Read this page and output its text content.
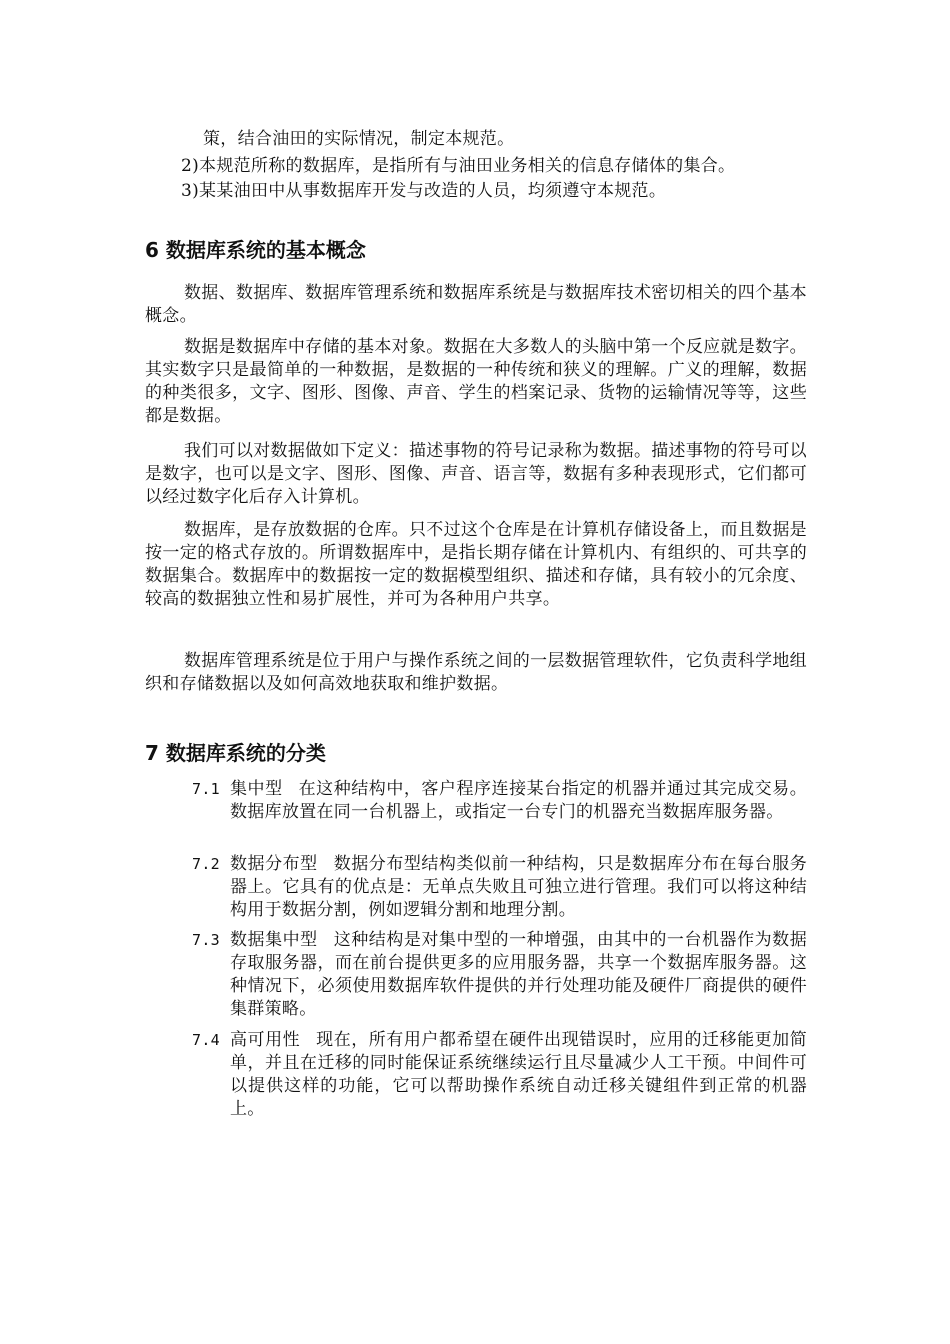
策，结合油田的实际情况，制定本规范。

2)本规范所称的数据库，是指所有与油田业务相关的信息存储体的集合。

3)某某油田中从事数据库开发与改造的人员，均须遵守本规范。

6 数据库系统的基本概念

数据、数据库、数据库管理系统和数据库系统是与数据库技术密切相关的四个基本概念。

数据是数据库中存储的基本对象。数据在大多数人的头脑中第一个反应就是数字。其实数字只是最简单的一种数据，是数据的一种传统和狭义的理解。广义的理解，数据的种类很多，文字、图形、图像、声音、学生的档案记录、货物的运输情况等等，这些都是数据。

我们可以对数据做如下定义：描述事物的符号记录称为数据。描述事物的符号可以是数字，也可以是文字、图形、图像、声音、语言等，数据有多种表现形式，它们都可以经过数字化后存入计算机。

数据库，是存放数据的仓库。只不过这个仓库是在计算机存储设备上，而且数据是按一定的格式存放的。所谓数据库中，是指长期存储在计算机内、有组织的、可共享的数据集合。数据库中的数据按一定的数据模型组织、描述和存储，具有较小的冗余度、较高的数据独立性和易扩展性，并可为各种用户共享。

数据库管理系统是位于用户与操作系统之间的一层数据管理软件，它负责科学地组织和存储数据以及如何高效地获取和维护数据。

7 数据库系统的分类
7.1 集中型 在这种结构中，客户程序连接某台指定的机器并通过其完成交易。数据库放置在同一台机器上，或指定一台专门的机器充当数据库服务器。
7.2 数据分布型 数据分布型结构类似前一种结构，只是数据库分布在每台服务器上。它具有的优点是：无单点失败且可独立进行管理。我们可以将这种结构用于数据分割，例如逻辑分割和地理分割。
7.3 数据集中型 这种结构是对集中型的一种增强，由其中的一台机器作为数据存取服务器，而在前台提供更多的应用服务器，共享一个数据库服务器。这种情况下，必须使用数据库软件提供的并行处理功能及硬件厂商提供的硬件集群策略。
7.4 高可用性 现在，所有用户都希望在硬件出现错误时，应用的迁移能更加简单，并且在迁移的同时能保证系统继续运行且尽量减少人工干预。中间件可以提供这样的功能，它可以帮助操作系统自动迁移关键组件到正常的机器上。
